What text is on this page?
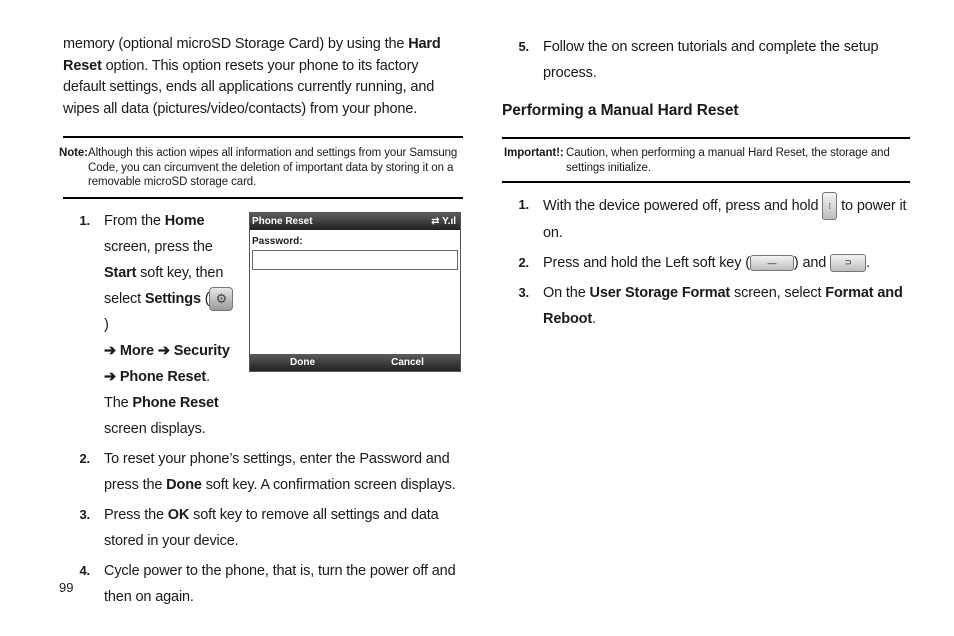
memory (optional microSD Storage Card) by using the Hard Reset option. This option resets your phone to its factory default settings, ends all applications currently running, and wipes all data (pictures/video/contacts) from your phone.

Note: Although this action wipes all information and settings from your Samsung Code, you can circumvent the deletion of important data by storing it on a removable microSD storage card.
1. From the Home screen, press the Start soft key, then select Settings ( ⚙)
➔ More ➔ Security
➔ Phone Reset. The Phone Reset screen displays.
2. To reset your phone’s settings, enter the Password and press the Done soft key. A confirmation screen displays.
3. Press the OK soft key to remove all settings and data stored in your device.
4. Cycle power to the phone, that is, turn the power off and then on again.
Phone Reset	⇄ Y.ıl
Password:
Done	Cancel
5. Follow the on screen tutorials and complete the setup process.
Performing a Manual Hard Reset
Important!: Caution, when performing a manual Hard Reset, the storage and settings initialize.
1. With the device powered off, press and hold ⁝ to power it on.
2. Press and hold the Left soft key ( — ) and ⊃ .
3. On the User Storage Format screen, select Format and Reboot.
99
